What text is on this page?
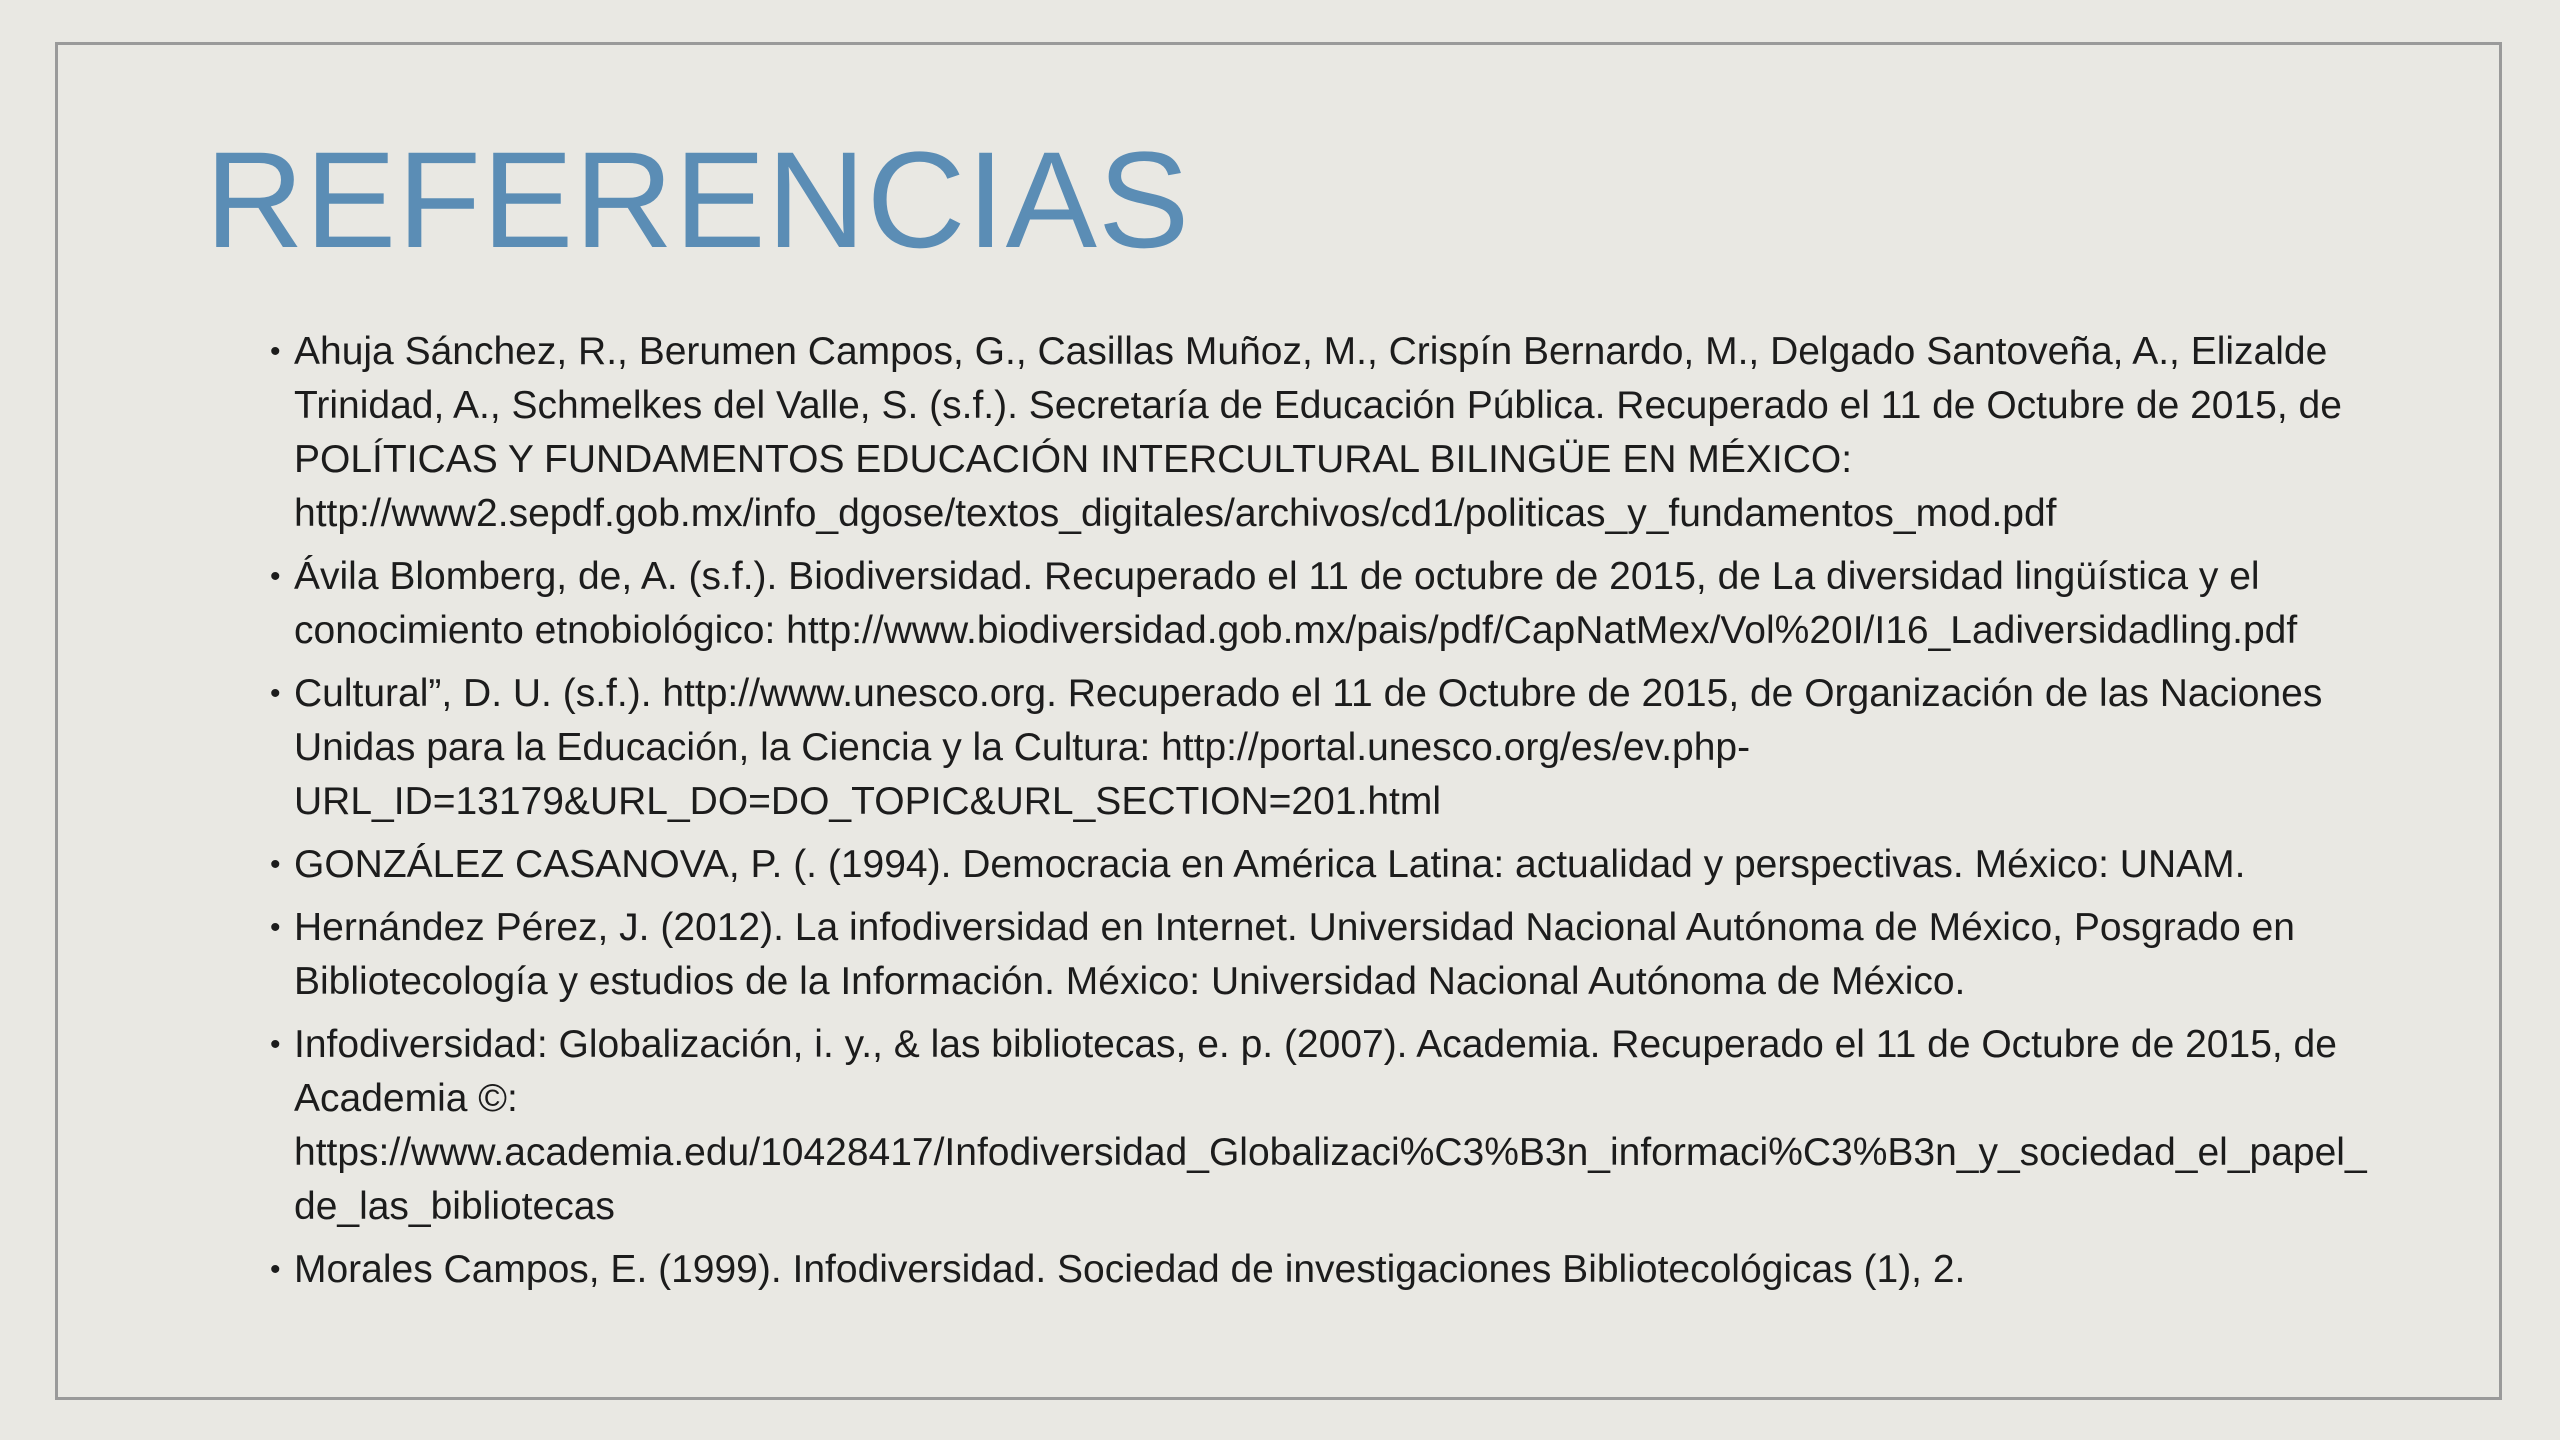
REFERENCIAS
• Ahuja Sánchez, R., Berumen Campos, G., Casillas Muñoz, M., Crispín Bernardo, M., Delgado Santoveña, A., Elizalde Trinidad, A., Schmelkes del Valle, S. (s.f.). Secretaría de Educación Pública. Recuperado el 11 de Octubre de 2015, de POLÍTICAS Y FUNDAMENTOS EDUCACIÓN INTERCULTURAL BILINGÜE EN MÉXICO: http://www2.sepdf.gob.mx/info_dgose/textos_digitales/archivos/cd1/politicas_y_fundamentos_mod.pdf
• Ávila Blomberg, de, A. (s.f.). Biodiversidad. Recuperado el 11 de octubre de 2015, de La diversidad lingüística y el conocimiento etnobiológico: http://www.biodiversidad.gob.mx/pais/pdf/CapNatMex/Vol%20I/I16_Ladiversidadling.pdf
• Cultural”, D. U. (s.f.). http://www.unesco.org. Recuperado el 11 de Octubre de 2015, de Organización de las Naciones Unidas para la Educación, la Ciencia y la Cultura: http://portal.unesco.org/es/ev.php-URL_ID=13179&URL_DO=DO_TOPIC&URL_SECTION=201.html
• GONZÁLEZ CASANOVA, P. (. (1994). Democracia en América Latina: actualidad y perspectivas. México: UNAM.
• Hernández Pérez, J. (2012). La infodiversidad en Internet. Universidad Nacional Autónoma de México, Posgrado en Bibliotecología y estudios de la Información. México: Universidad Nacional Autónoma de México.
• Infodiversidad: Globalización, i. y., & las bibliotecas, e. p. (2007). Academia. Recuperado el 11 de Octubre de 2015, de Academia ©: https://www.academia.edu/10428417/Infodiversidad_Globalizaci%C3%B3n_informaci%C3%B3n_y_sociedad_el_papel_de_las_bibliotecas
• Morales Campos, E. (1999). Infodiversidad. Sociedad de investigaciones Bibliotecológicas (1), 2.
